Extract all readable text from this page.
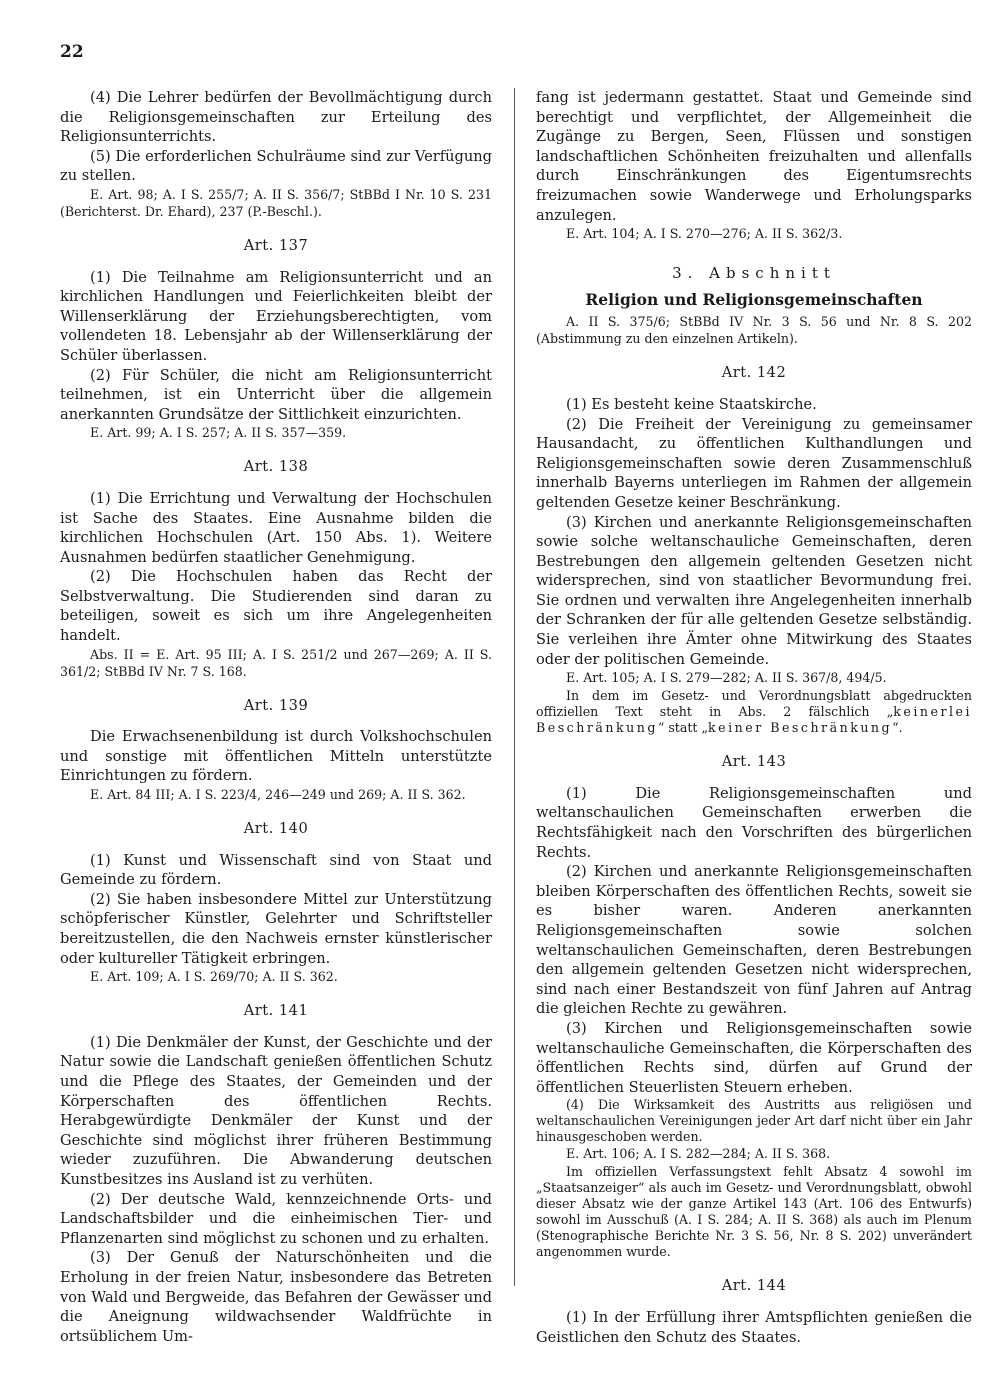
22

(4) Die Lehrer bedürfen der Bevollmächtigung durch die Religionsgemeinschaften zur Erteilung des Religionsunterrichts.

(5) Die erforderlichen Schulräume sind zur Verfügung zu stellen.

E. Art. 98; A. I S. 255/7; A. II S. 356/7; StBBd I Nr. 10 S. 231 (Berichterst. Dr. Ehard), 237 (P.-Beschl.).

Art. 137

(1) Die Teilnahme am Religionsunterricht und an kirchlichen Handlungen und Feierlichkeiten bleibt der Willenserklärung der Erziehungsberechtigten, vom vollendeten 18. Lebensjahr ab der Willenserklärung der Schüler überlassen.

(2) Für Schüler, die nicht am Religionsunterricht teilnehmen, ist ein Unterricht über die allgemein anerkannten Grundsätze der Sittlichkeit einzurichten.

E. Art. 99; A. I S. 257; A. II S. 357—359.

Art. 138

(1) Die Errichtung und Verwaltung der Hochschulen ist Sache des Staates. Eine Ausnahme bilden die kirchlichen Hochschulen (Art. 150 Abs. 1). Weitere Ausnahmen bedürfen staatlicher Genehmigung.

(2) Die Hochschulen haben das Recht der Selbstverwaltung. Die Studierenden sind daran zu beteiligen, soweit es sich um ihre Angelegenheiten handelt.

Abs. II = E. Art. 95 III; A. I S. 251/2 und 267—269; A. II S. 361/2; StBBd IV Nr. 7 S. 168.

Art. 139

Die Erwachsenenbildung ist durch Volkshochschulen und sonstige mit öffentlichen Mitteln unterstützte Einrichtungen zu fördern.

E. Art. 84 III; A. I S. 223/4, 246—249 und 269; A. II S. 362.

Art. 140

(1) Kunst und Wissenschaft sind von Staat und Gemeinde zu fördern.

(2) Sie haben insbesondere Mittel zur Unterstützung schöpferischer Künstler, Gelehrter und Schriftsteller bereitzustellen, die den Nachweis ernster künstlerischer oder kultureller Tätigkeit erbringen.

E. Art. 109; A. I S. 269/70; A. II S. 362.

Art. 141

(1) Die Denkmäler der Kunst, der Geschichte und der Natur sowie die Landschaft genießen öffentlichen Schutz und die Pflege des Staates, der Gemeinden und der Körperschaften des öffentlichen Rechts. Herabgewürdigte Denkmäler der Kunst und der Geschichte sind möglichst ihrer früheren Bestimmung wieder zuzuführen. Die Abwanderung deutschen Kunstbesitzes ins Ausland ist zu verhüten.

(2) Der deutsche Wald, kennzeichnende Orts- und Landschaftsbilder und die einheimischen Tier- und Pflanzenarten sind möglichst zu schonen und zu erhalten.

(3) Der Genuß der Naturschönheiten und die Erholung in der freien Natur, insbesondere das Betreten von Wald und Bergweide, das Befahren der Gewässer und die Aneignung wildwachsender Waldfrüchte in ortsüblichem Um-

fang ist jedermann gestattet. Staat und Gemeinde sind berechtigt und verpflichtet, der Allgemeinheit die Zugänge zu Bergen, Seen, Flüssen und sonstigen landschaftlichen Schönheiten freizuhalten und allenfalls durch Einschränkungen des Eigentumsrechts freizumachen sowie Wanderwege und Erholungsparks anzulegen.

E. Art. 104; A. I S. 270—276; A. II S. 362/3.

3. Abschnitt
Religion und Religionsgemeinschaften

A. II S. 375/6; StBBd IV Nr. 3 S. 56 und Nr. 8 S. 202 (Abstimmung zu den einzelnen Artikeln).

Art. 142

(1) Es besteht keine Staatskirche.

(2) Die Freiheit der Vereinigung zu gemeinsamer Hausandacht, zu öffentlichen Kulthandlungen und Religionsgemeinschaften sowie deren Zusammenschluß innerhalb Bayerns unterliegen im Rahmen der allgemein geltenden Gesetze keiner Beschränkung.

(3) Kirchen und anerkannte Religionsgemeinschaften sowie solche weltanschauliche Gemeinschaften, deren Bestrebungen den allgemein geltenden Gesetzen nicht widersprechen, sind von staatlicher Bevormundung frei. Sie ordnen und verwalten ihre Angelegenheiten innerhalb der Schranken der für alle geltenden Gesetze selbständig. Sie verleihen ihre Ämter ohne Mitwirkung des Staates oder der politischen Gemeinde.

E. Art. 105; A. I S. 279—282; A. II S. 367/8, 494/5.

In dem im Gesetz- und Verordnungsblatt abgedruckten offiziellen Text steht in Abs. 2 fälschlich „keinerlei Beschränkung“ statt „keiner Beschränkung“.

Art. 143

(1) Die Religionsgemeinschaften und weltanschaulichen Gemeinschaften erwerben die Rechtsfähigkeit nach den Vorschriften des bürgerlichen Rechts.

(2) Kirchen und anerkannte Religionsgemeinschaften bleiben Körperschaften des öffentlichen Rechts, soweit sie es bisher waren. Anderen anerkannten Religionsgemeinschaften sowie solchen weltanschaulichen Gemeinschaften, deren Bestrebungen den allgemein geltenden Gesetzen nicht widersprechen, sind nach einer Bestandszeit von fünf Jahren auf Antrag die gleichen Rechte zu gewähren.

(3) Kirchen und Religionsgemeinschaften sowie weltanschauliche Gemeinschaften, die Körperschaften des öffentlichen Rechts sind, dürfen auf Grund der öffentlichen Steuerlisten Steuern erheben.

(4) Die Wirksamkeit des Austritts aus religiösen und weltanschaulichen Vereinigungen jeder Art darf nicht über ein Jahr hinausgeschoben werden.

E. Art. 106; A. I S. 282—284; A. II S. 368.

Im offiziellen Verfassungstext fehlt Absatz 4 sowohl im „Staatsanzeiger“ als auch im Gesetz- und Verordnungsblatt, obwohl dieser Absatz wie der ganze Artikel 143 (Art. 106 des Entwurfs) sowohl im Ausschuß (A. I S. 284; A. II S. 368) als auch im Plenum (Stenographische Berichte Nr. 3 S. 56, Nr. 8 S. 202) unverändert angenommen wurde.

Art. 144

(1) In der Erfüllung ihrer Amtspflichten genießen die Geistlichen den Schutz des Staates.
